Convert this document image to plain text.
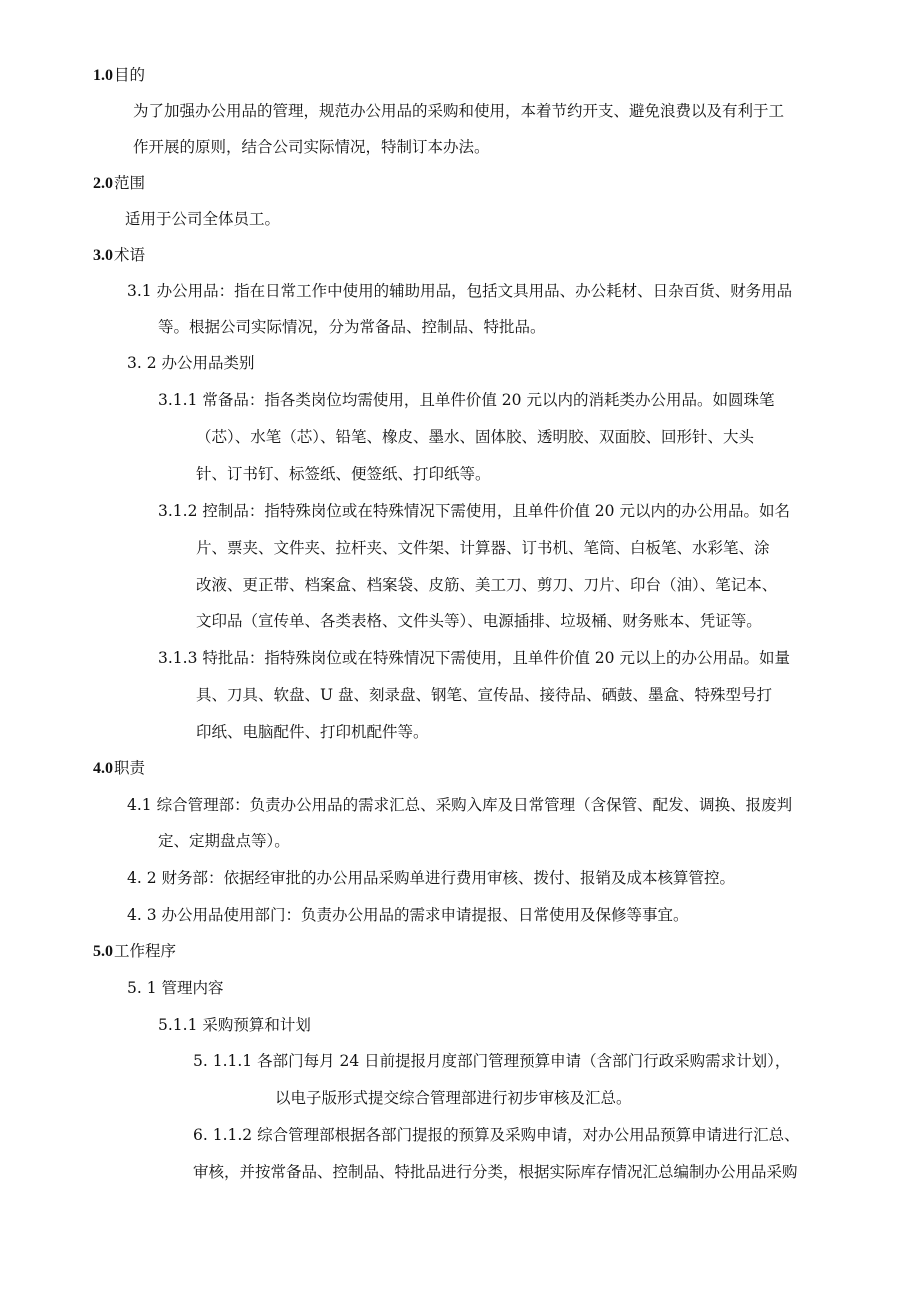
1.0目的
为了加强办公用品的管理，规范办公用品的采购和使用，本着节约开支、避免浪费以及有利于工
作开展的原则，结合公司实际情况，特制订本办法。
2.0范围
适用于公司全体员工。
3.0术语
3.1 办公用品：指在日常工作中使用的辅助用品，包括文具用品、办公耗材、日杂百货、财务用品
等。根据公司实际情况，分为常备品、控制品、特批品。
3. 2 办公用品类别
3.1.1 常备品：指各类岗位均需使用，且单件价值 20 元以内的消耗类办公用品。如圆珠笔
（芯）、水笔（芯）、铅笔、橡皮、墨水、固体胶、透明胶、双面胶、回形针、大头
针、订书钉、标签纸、便签纸、打印纸等。
3.1.2 控制品：指特殊岗位或在特殊情况下需使用，且单件价值 20 元以内的办公用品。如名
片、票夹、文件夹、拉杆夹、文件架、计算器、订书机、笔筒、白板笔、水彩笔、涂
改液、更正带、档案盒、档案袋、皮筋、美工刀、剪刀、刀片、印台（油）、笔记本、
文印品（宣传单、各类表格、文件头等）、电源插排、垃圾桶、财务账本、凭证等。
3.1.3 特批品：指特殊岗位或在特殊情况下需使用，且单件价值 20 元以上的办公用品。如量
具、刀具、软盘、U 盘、刻录盘、钢笔、宣传品、接待品、硒鼓、墨盒、特殊型号打
印纸、电脑配件、打印机配件等。
4.0职责
4.1 综合管理部：负责办公用品的需求汇总、采购入库及日常管理（含保管、配发、调换、报废判
定、定期盘点等）。
4. 2 财务部：依据经审批的办公用品采购单进行费用审核、拨付、报销及成本核算管控。
4. 3 办公用品使用部门：负责办公用品的需求申请提报、日常使用及保修等事宜。
5.0工作程序
5. 1 管理内容
5.1.1 采购预算和计划
5. 1.1.1 各部门每月 24 日前提报月度部门管理预算申请（含部门行政采购需求计划），
以电子版形式提交综合管理部进行初步审核及汇总。
6. 1.1.2 综合管理部根据各部门提报的预算及采购申请，对办公用品预算申请进行汇总、
审核，并按常备品、控制品、特批品进行分类，根据实际库存情况汇总编制办公用品采购
